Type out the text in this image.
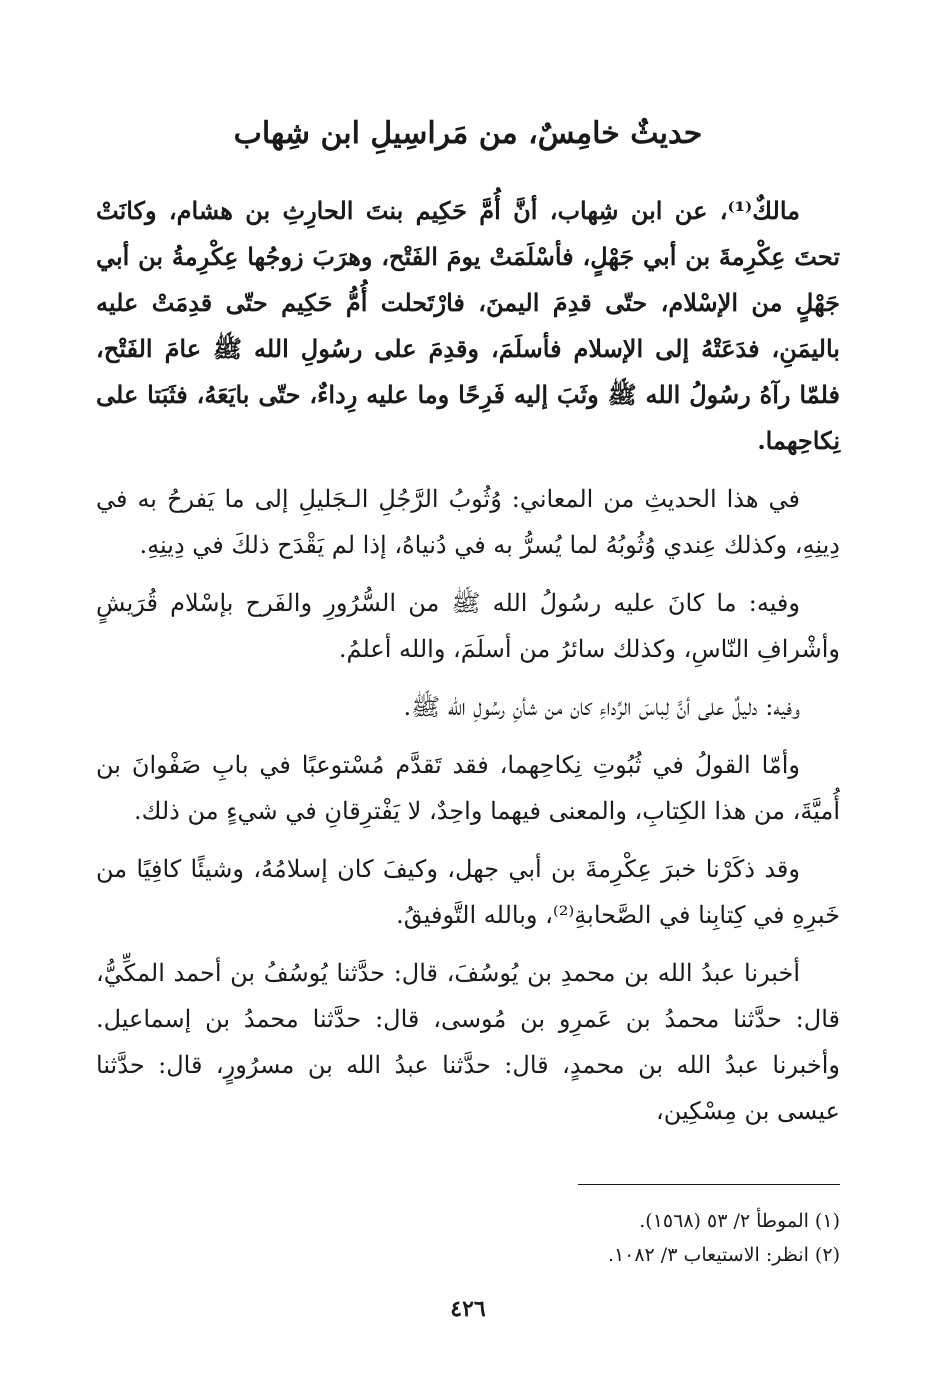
حديثٌ خامِسٌ، من مَراسِيلِ ابن شِهاب

مالكٌ⁽¹⁾، عن ابن شِهاب، أنَّ أُمَّ حَكِيم بنتَ الحارِثِ بن هشام، وكانَتْ تحتَ عِكْرِمةَ بن أبي جَهْلٍ، فأسْلَمَتْ يومَ الفَتْح، وهرَبَ زوجُها عِكْرِمةُ بن أبي جَهْلٍ من الإسْلام، حتّى قدِمَ اليمنَ، فارْتَحلت أُمُّ حَكِيم حتّى قدِمَتْ عليه باليمَنِ، فدَعَتْهُ إلى الإسلام فأسلَمَ، وقدِمَ على رسُولِ الله ﷺ عامَ الفَتْح، فلمّا رآهُ رسُولُ الله ﷺ وثَبَ إليه فَرِحًا وما عليه رِداءٌ، حتّى بايَعَهُ، فثَبَتا على نِكاحِهما.

في هذا الحديثِ من المعاني: وُثُوبُ الرَّجُلِ الـجَليلِ إلى ما يَفرحُ به في دِينِهِ، وكذلك عِندي وُثُوبُهُ لما يُسرُّ به في دُنياهُ، إذا لم يَقْدَح ذلكَ في دِينِهِ.

وفيه: ما كانَ عليه رسُولُ الله ﷺ من السُّرُورِ والفَرح بإسْلام قُرَيشٍ وأشْرافِ النّاسِ، وكذلك سائرُ من أسلَمَ، والله أعلمُ.

وفيه: دليلٌ على أنَّ لِباسَ الرِّداءِ كان من شأنِ رسُولِ الله ﷺ.

وأمّا القولُ في ثُبُوتِ نِكاحِهما، فقد تَقدَّم مُسْتوعبًا في بابِ صَفْوانَ بن أُميَّةَ، من هذا الكِتابِ، والمعنى فيهما واحِدٌ، لا يَفْترِقانِ في شيءٍ من ذلك.

وقد ذكَرْنا خبرَ عِكْرِمةَ بن أبي جهل، وكيفَ كان إسلامُهُ، وشيئًا كافِيًا من خَبرِهِ في كِتابِنا في الصَّحابةِ⁽²⁾، وبالله التَّوفيقُ.

أخبرنا عبدُ الله بن محمدِ بن يُوسُفَ، قال: حدَّثنا يُوسُفُ بن أحمد المكِّيُّ، قال: حدَّثنا محمدُ بن عَمرِو بن مُوسى، قال: حدَّثنا محمدُ بن إسماعيل. وأخبرنا عبدُ الله بن محمدٍ، قال: حدَّثنا عبدُ الله بن مسرُورٍ، قال: حدَّثنا عيسى بن مِسْكِين،

(١) الموطأ ٢/ ٥٣ (١٥٦٨).

(٢) انظر: الاستيعاب ٣/ ١٠٨٢.

٤٢٦
